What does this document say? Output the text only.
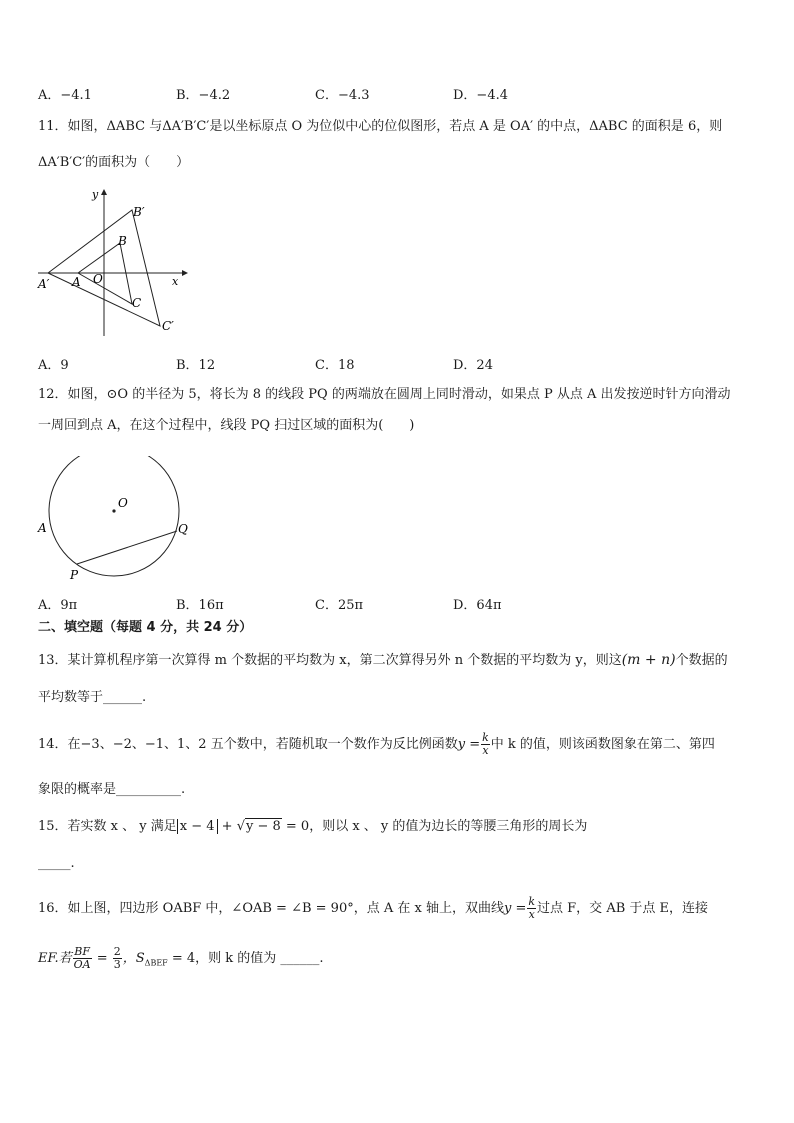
A．−4.1	B．−4.2	C．−4.3	D．−4.4
11．如图，ΔABC 与ΔA′B′C′是以坐标原点 O 为位似中心的位似图形，若点 A 是 OA′ 的中点，ΔABC 的面积是 6，则
ΔA′B′C′的面积为（　　）
y
x
B′
B
A′ A O
C
C′
A．9	B．12	C．18	D．24
12．如图，⊙O 的半径为 5，将长为 8 的线段 PQ 的两端放在圆周上同时滑动，如果点 P 从点 A 出发按逆时针方向滑动
一周回到点 A，在这个过程中，线段 PQ 扫过区域的面积为(　　)
O
A	Q
P
A．9π	B．16π	C．25π	D．64π
二、填空题（每题 4 分，共 24 分）
13．某计算机程序第一次算得 m 个数据的平均数为 x，第二次算得另外 n 个数据的平均数为 y，则这(m + n)个数据的
平均数等于______.
14．在−3、−2、−1、1、2 五个数中，若随机取一个数作为反比例函数$y = \frac{k}{x}$ 中 k 的值，则该函数图象在第二、第四
象限的概率是__________.
15．若实数 x 、 y 满足 x − 4 + √y − 8 = 0，则以 x 、 y 的值为边长的等腰三角形的周长为
_____.
16．如上图，四边形 OABF 中，∠OAB = ∠B = 90°，点 A 在 x 轴上，双曲线$y = \frac{k}{x}$ 过点 F，交 AB 于点 E，连接
EF.若 $\frac{BF}{OA} = \frac{2}{3}$ ，$S_{\Delta BEF} = 4$，则 k 的值为 ______.
